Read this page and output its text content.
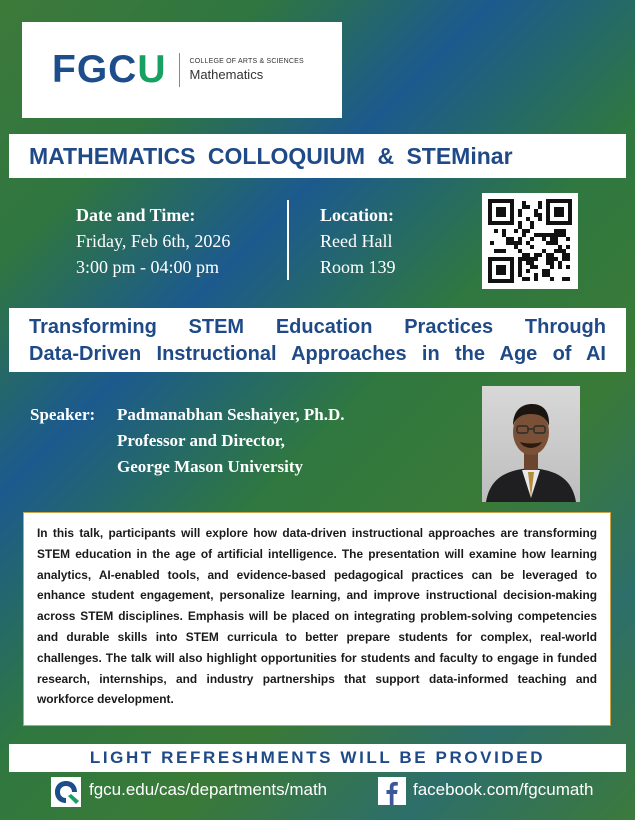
FGCU	COLLEGE OF ARTS & SCIENCES
Mathematics
MATHEMATICS COLLOQUIUM & STEMinar
Date and Time:
Friday, Feb 6th, 2026
3:00 pm - 04:00 pm
Location:
Reed Hall
Room 139
Transforming STEM Education Practices Through
Data-Driven Instructional Approaches in the Age of AI
Speaker: Padmanabhan Seshaiyer, Ph.D.
Professor and Director,
George Mason University

In this talk, participants will explore how data-driven instructional approaches are transforming STEM education in the age of artificial intelligence. The presentation will examine how learning analytics, AI-enabled tools, and evidence-based pedagogical practices can be leveraged to enhance student engagement, personalize learning, and improve instructional decision-making across STEM disciplines. Emphasis will be placed on integrating problem-solving competencies and durable skills into STEM curricula to better prepare students for complex, real-world challenges. The talk will also highlight opportunities for students and faculty to engage in funded research, internships, and industry partnerships that support data-informed teaching and workforce development.

LIGHT REFRESHMENTS WILL BE PROVIDED
fgcu.edu/cas/departments/math	facebook.com/fgcumath
